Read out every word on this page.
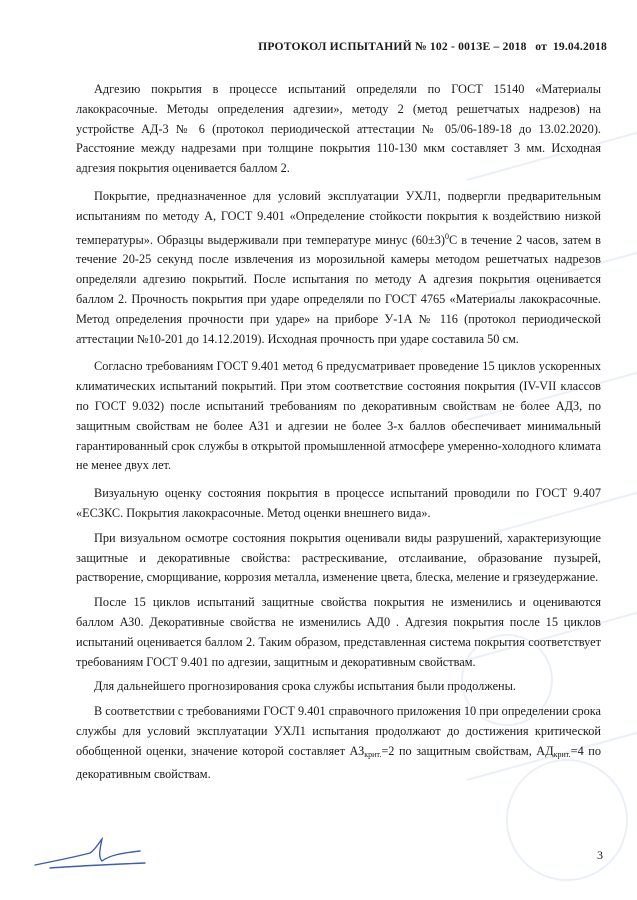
ПРОТОКОЛ ИСПЫТАНИЙ № 102 - 001ЗЕ – 2018 от 19.04.2018

Адгезию покрытия в процессе испытаний определяли по ГОСТ 15140 «Материалы лакокрасочные. Методы определения адгезии», методу 2 (метод решетчатых надрезов) на устройстве АД-3 № 6 (протокол периодической аттестации № 05/06-189-18 до 13.02.2020). Расстояние между надрезами при толщине покрытия 110-130 мкм составляет 3 мм. Исходная адгезия покрытия оценивается баллом 2.

Покрытие, предназначенное для условий эксплуатации УХЛ1, подвергли предварительным испытаниям по методу А, ГОСТ 9.401 «Определение стойкости покрытия к воздействию низкой температуры». Образцы выдерживали при температуре минус $(60\pm 3)^0С$ в течение 2 часов, затем в течение 20-25 секунд после извлечения из морозильной камеры методом решетчатых надрезов определяли адгезию покрытий. После испытания по методу А адгезия покрытия оценивается баллом 2. Прочность покрытия при ударе определяли по ГОСТ 4765 «Материалы лакокрасочные. Метод определения прочности при ударе» на приборе У-1А № 116 (протокол периодической аттестации №10-201 до 14.12.2019). Исходная прочность при ударе составила 50 см.

Согласно требованиям ГОСТ 9.401 метод 6 предусматривает проведение 15 циклов ускоренных климатических испытаний покрытий. При этом соответствие состояния покрытия (IV-VII классов по ГОСТ 9.032) после испытаний требованиям по декоративным свойствам не более АД3, по защитным свойствам не более АЗ1 и адгезии не более 3-х баллов обеспечивает минимальный гарантированный срок службы в открытой промышленной атмосфере умеренно-холодного климата не менее двух лет.

Визуальную оценку состояния покрытия в процессе испытаний проводили по ГОСТ 9.407 «ЕСЗКС. Покрытия лакокрасочные. Метод оценки внешнего вида».

При визуальном осмотре состояния покрытия оценивали виды разрушений, характеризующие защитные и декоративные свойства: растрескивание, отслаивание, образование пузырей, растворение, сморщивание, коррозия металла, изменение цвета, блеска, меление и грязеудержание.

После 15 циклов испытаний защитные свойства покрытия не изменились и оцениваются баллом АЗ0. Декоративные свойства не изменились АД0 . Адгезия покрытия после 15 циклов испытаний оценивается баллом 2. Таким образом, представленная система покрытия соответствует требованиям ГОСТ 9.401 по адгезии, защитным и декоративным свойствам.

Для дальнейшего прогнозирования срока службы испытания были продолжены.

В соответствии с требованиями ГОСТ 9.401 справочного приложения 10 при определении срока службы для условий эксплуатации УХЛ1 испытания продолжают до достижения критической обобщенной оценки, значение которой составляет $АЗ_{крит.}=2$ по защитным свойствам, $АД_{крит.}=4$ по декоративным свойствам.

3
